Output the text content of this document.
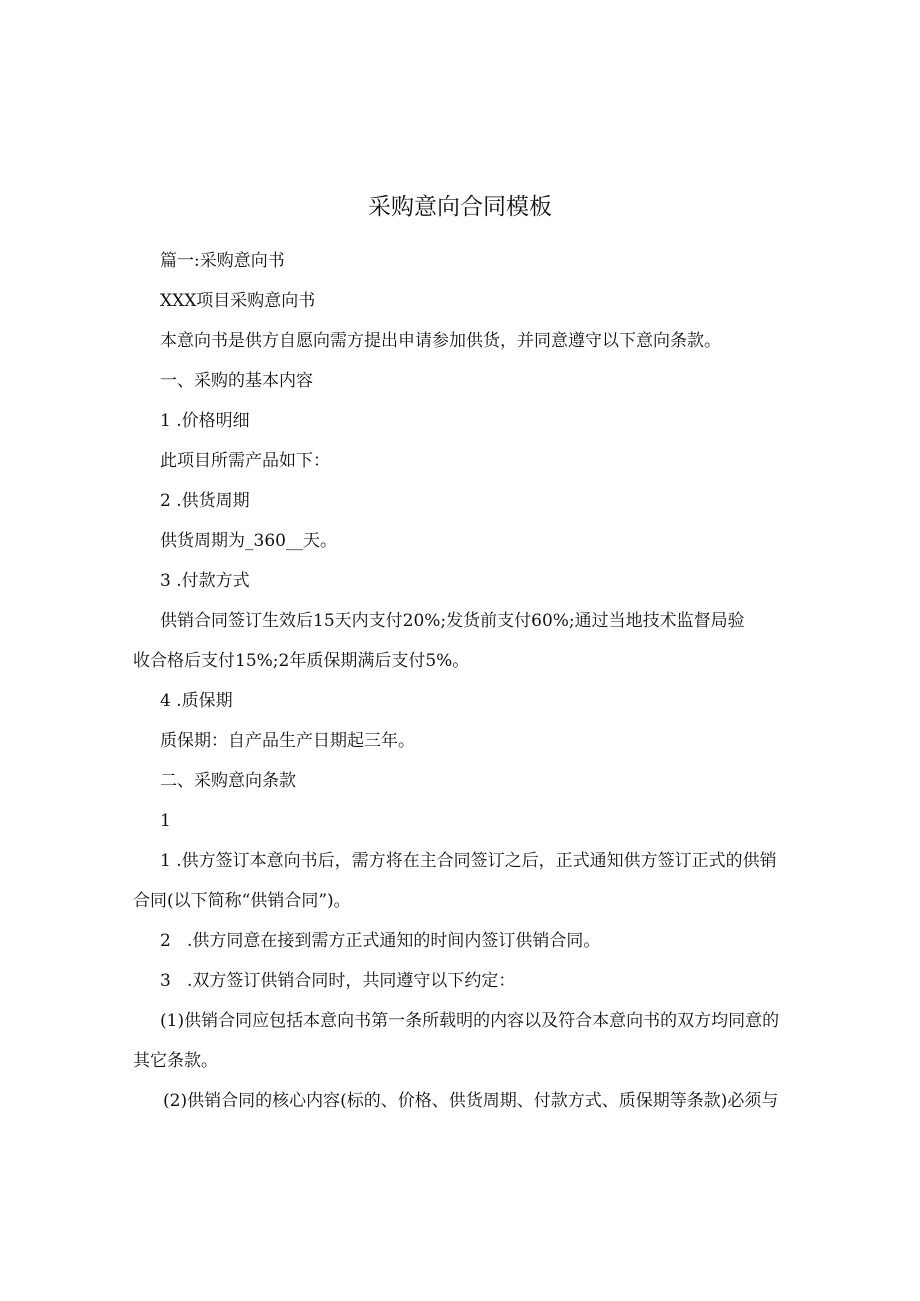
采购意向合同模板
篇一:采购意向书
XXX项目采购意向书
本意向书是供方自愿向需方提出申请参加供货，并同意遵守以下意向条款。
一、采购的基本内容
1 .价格明细
此项目所需产品如下：
2 .供货周期
供货周期为_360__天。
3 .付款方式
供销合同签订生效后15天内支付20%;发货前支付60%;通过当地技术监督局验
收合格后支付15%;2年质保期满后支付5%。
4 .质保期
质保期：自产品生产日期起三年。
二、采购意向条款
1
1 .供方签订本意向书后，需方将在主合同签订之后，正式通知供方签订正式的供销
合同(以下简称“供销合同”)。
2   .供方同意在接到需方正式通知的时间内签订供销合同。
3   .双方签订供销合同时，共同遵守以下约定：
(1)供销合同应包括本意向书第一条所载明的内容以及符合本意向书的双方均同意的
其它条款。
(2)供销合同的核心内容(标的、价格、供货周期、付款方式、质保期等条款)必须与
